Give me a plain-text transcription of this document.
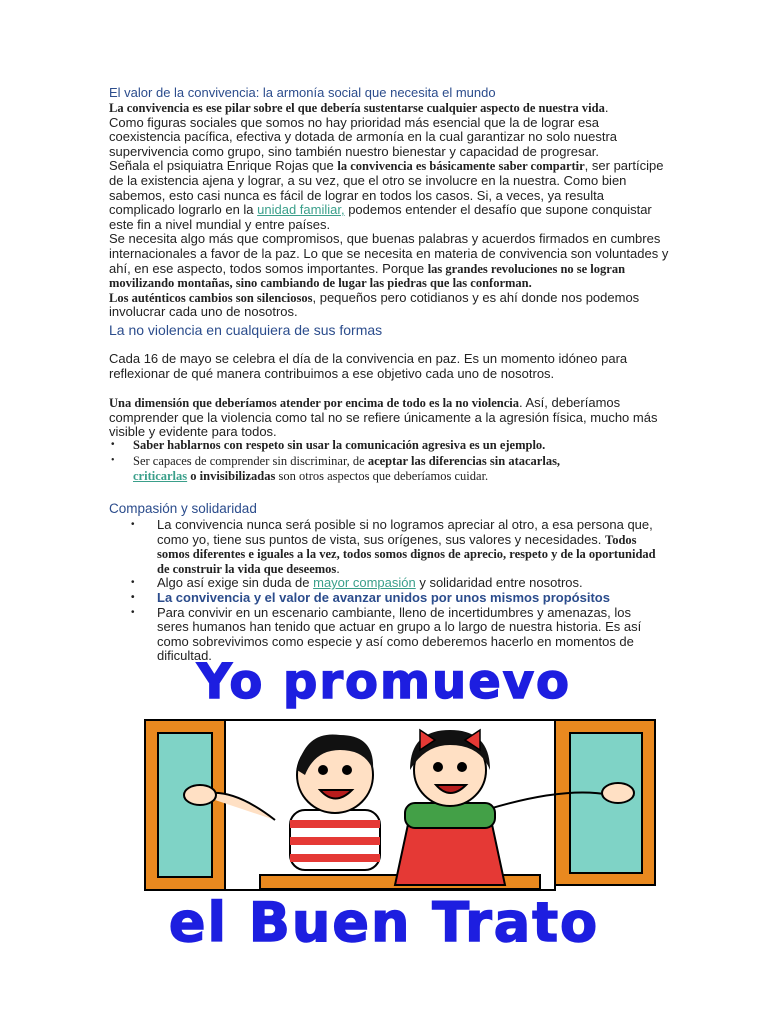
El valor de la convivencia: la armonía social que necesita el mundo
La convivencia es ese pilar sobre el que debería sustentarse cualquier aspecto de nuestra vida.
Como figuras sociales que somos no hay prioridad más esencial que la de lograr esa coexistencia pacífica, efectiva y dotada de armonía en la cual garantizar no solo nuestra supervivencia como grupo, sino también nuestro bienestar y capacidad de progresar.
Señala el psiquiatra Enrique Rojas que la convivencia es básicamente saber compartir, ser partícipe de la existencia ajena y lograr, a su vez, que el otro se involucre en la nuestra. Como bien sabemos, esto casi nunca es fácil de lograr en todos los casos. Si, a veces, ya resulta complicado lograrlo en la unidad familiar, podemos entender el desafío que supone conquistar este fin a nivel mundial y entre países.
Se necesita algo más que compromisos, que buenas palabras y acuerdos firmados en cumbres internacionales a favor de la paz. Lo que se necesita en materia de convivencia son voluntades y ahí, en ese aspecto, todos somos importantes. Porque las grandes revoluciones no se logran movilizando montañas, sino cambiando de lugar las piedras que las conforman.
Los auténticos cambios son silenciosos, pequeños pero cotidianos y es ahí donde nos podemos involucrar cada uno de nosotros.
La no violencia en cualquiera de sus formas
Cada 16 de mayo se celebra el día de la convivencia en paz. Es un momento idóneo para reflexionar de qué manera contribuimos a ese objetivo cada uno de nosotros.
Una dimensión que deberíamos atender por encima de todo es la no violencia. Así, deberíamos comprender que la violencia como tal no se refiere únicamente a la agresión física, mucho más visible y evidente para todos.
• Saber hablarnos con respeto sin usar la comunicación agresiva es un ejemplo.
• Ser capaces de comprender sin discriminar, de aceptar las diferencias sin atacarlas, criticarlas o invisibilizadas son otros aspectos que deberíamos cuidar.
Compasión y solidaridad
• La convivencia nunca será posible si no logramos apreciar al otro, a esa persona que, como yo, tiene sus puntos de vista, sus orígenes, sus valores y necesidades. Todos somos diferentes e iguales a la vez, todos somos dignos de aprecio, respeto y de la oportunidad de construir la vida que deseemos.
• Algo así exige sin duda de mayor compasión y solidaridad entre nosotros.
• La convivencia y el valor de avanzar unidos por unos mismos propósitos
• Para convivir en un escenario cambiante, lleno de incertidumbres y amenazas, los seres humanos han tenido que actuar en grupo a lo largo de nuestra historia. Es así como sobrevivimos como especie y así como deberemos hacerlo en momentos de dificultad.
Yo promuevo
el Buen Trato
